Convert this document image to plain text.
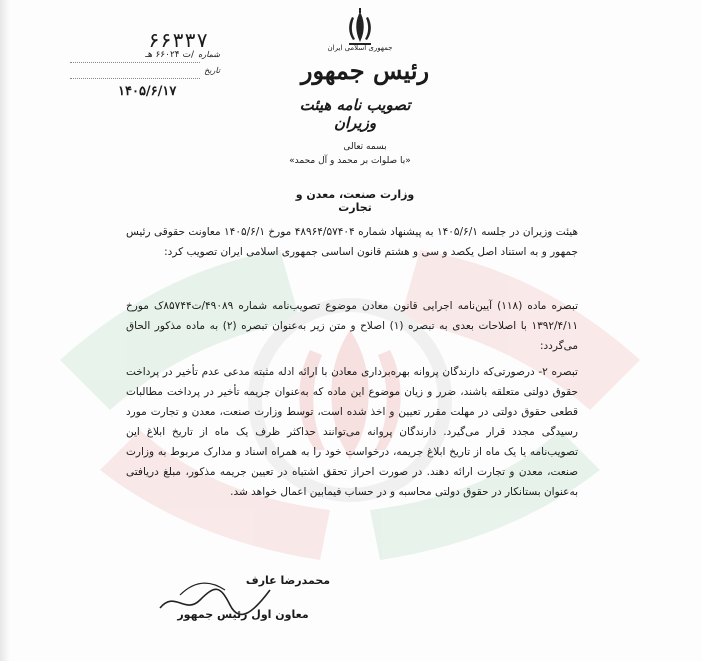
جمهوری اسلامی ایران
رئیس جمهور
تصویب نامه هیئت وزیران
۶۶۳۳۷
شماره
/ت ۶۶۰۲۴ هـ
تاریخ
۱۴۰۵/۶/۱۷
بسمه تعالی
«با صلوات بر محمد و آل محمد»
وزارت صنعت، معدن و تجارت
هیئت وزیران در جلسه ۱۴۰۵/۶/۱ به پیشنهاد شماره ۴۸۹۶۴/۵۷۴۰۴ مورخ ۱۴۰۵/۶/۱ معاونت حقوقی رئیس جمهور و به استناد اصل یکصد و سی و هشتم قانون اساسی جمهوری اسلامی ایران تصویب کرد:
تبصره ماده (۱۱۸) آیین‌نامه اجرایی قانون معادن موضوع تصویب‌نامه شماره ۴۹۰۸۹/ت۸۵۷۴۴ک مورخ ۱۳۹۲/۴/۱۱ با اصلاحات بعدی به تبصره (۱) اصلاح و متن زیر به‌عنوان تبصره (۲) به ماده مذکور الحاق می‌گردد:
تبصره ۲- درصورتی‌که دارندگان پروانه بهره‌برداری معادن با ارائه ادله مثبته مدعی عدم تأخیر در پرداخت حقوق دولتی متعلقه باشند، ضرر و زیان موضوع این ماده که به‌عنوان جریمه تأخیر در پرداخت مطالبات قطعی حقوق دولتی در مهلت مقرر تعیین و اخذ شده است، توسط وزارت صنعت، معدن و تجارت مورد رسیدگی مجدد قرار می‌گیرد. دارندگان پروانه می‌توانند حداکثر ظرف یک ماه از تاریخ ابلاغ این تصویب‌نامه یا یک ماه از تاریخ ابلاغ جریمه، درخواست خود را به همراه اسناد و مدارک مربوط به وزارت صنعت، معدن و تجارت ارائه دهند. در صورت احراز تحقق اشتباه در تعیین جریمه مذکور، مبلغ دریافتی به‌عنوان بستانکار در حقوق دولتی محاسبه و در حساب فیمابین اعمال خواهد شد.
محمدرضا عارف
معاون اول رئیس جمهور
